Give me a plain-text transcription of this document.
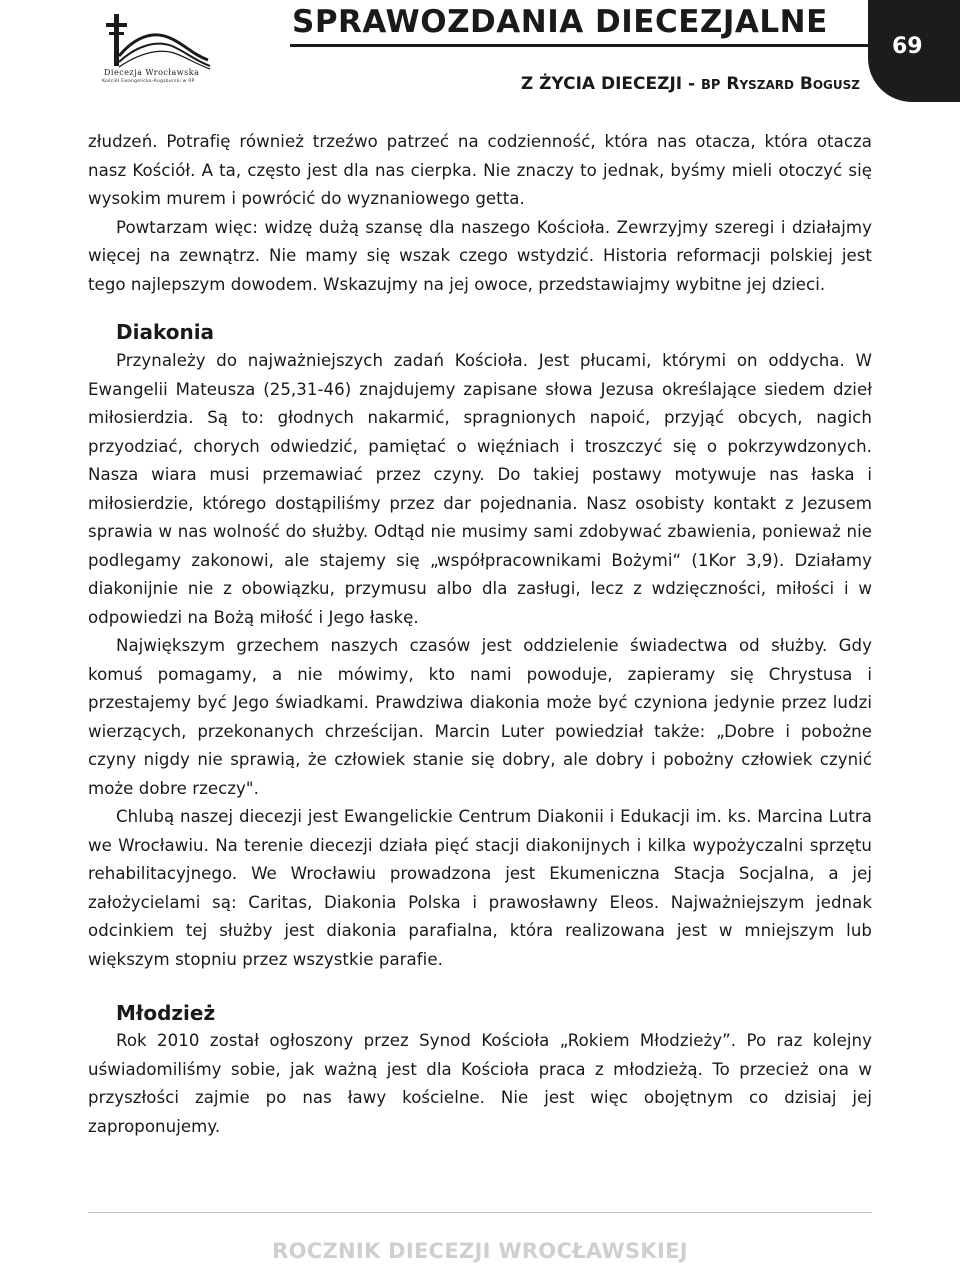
Diecezja Wrocławska
Kościół Ewangelicko-Augsburski w RP
SPRAWOZDANIA DIECEZJALNE
Z ŻYCIA DIECEZJI - BP Ryszard Bogusz
69

złudzeń. Potrafię również trzeźwo patrzeć na codzienność, która nas otacza, która otacza nasz Kościół. A ta, często jest dla nas cierpka. Nie znaczy to jednak, byśmy mieli otoczyć się wysokim murem i powrócić do wyznaniowego getta.

Powtarzam więc: widzę dużą szansę dla naszego Kościoła. Zewrzyjmy szeregi i działajmy więcej na zewnątrz. Nie mamy się wszak czego wstydzić. Historia reformacji polskiej jest tego najlepszym dowodem. Wskazujmy na jej owoce, przedstawiajmy wybitne jej dzieci.

Diakonia

Przynależy do najważniejszych zadań Kościoła. Jest płucami, którymi on oddycha. W Ewangelii Mateusza (25,31-46) znajdujemy zapisane słowa Jezusa określające siedem dzieł miłosierdzia. Są to: głodnych nakarmić, spragnionych napoić, przyjąć obcych, nagich przyodziać, chorych odwiedzić, pamiętać o więźniach i troszczyć się o pokrzywdzonych. Nasza wiara musi przemawiać przez czyny. Do takiej postawy motywuje nas łaska i miłosierdzie, którego dostąpiliśmy przez dar pojednania. Nasz osobisty kontakt z Jezusem sprawia w nas wolność do służby. Odtąd nie musimy sami zdobywać zbawienia, ponieważ nie podlegamy zakonowi, ale stajemy się „współpracownikami Bożymi“ (1Kor 3,9). Działamy diakonijnie nie z obowiązku, przymusu albo dla zasługi, lecz z wdzięczności, miłości i w odpowiedzi na Bożą miłość i Jego łaskę.

Największym grzechem naszych czasów jest oddzielenie świadectwa od służby. Gdy komuś pomagamy, a nie mówimy, kto nami powoduje, zapieramy się Chrystusa i przestajemy być Jego świadkami. Prawdziwa diakonia może być czyniona jedynie przez ludzi wierzących, przekonanych chrześcijan. Marcin Luter powiedział także: „Dobre i pobożne czyny nigdy nie sprawią, że człowiek stanie się dobry, ale dobry i pobożny człowiek czynić może dobre rzeczy".

Chlubą naszej diecezji jest Ewangelickie Centrum Diakonii i Edukacji im. ks. Marcina Lutra we Wrocławiu. Na terenie diecezji działa pięć stacji diakonijnych i kilka wypożyczalni sprzętu rehabilitacyjnego. We Wrocławiu prowadzona jest Ekumeniczna Stacja Socjalna, a jej założycielami są: Caritas, Diakonia Polska i prawosławny Eleos. Najważniejszym jednak odcinkiem tej służby jest diakonia parafialna, która realizowana jest w mniejszym lub większym stopniu przez wszystkie parafie.

Młodzież

Rok 2010 został ogłoszony przez Synod Kościoła „Rokiem Młodzieży”. Po raz kolejny uświadomiliśmy sobie, jak ważną jest dla Kościoła praca z młodzieżą. To przecież ona w przyszłości zajmie po nas ławy kościelne. Nie jest więc obojętnym co dzisiaj jej zaproponujemy.

ROCZNIK DIECEZJI WROCŁAWSKIEJ
